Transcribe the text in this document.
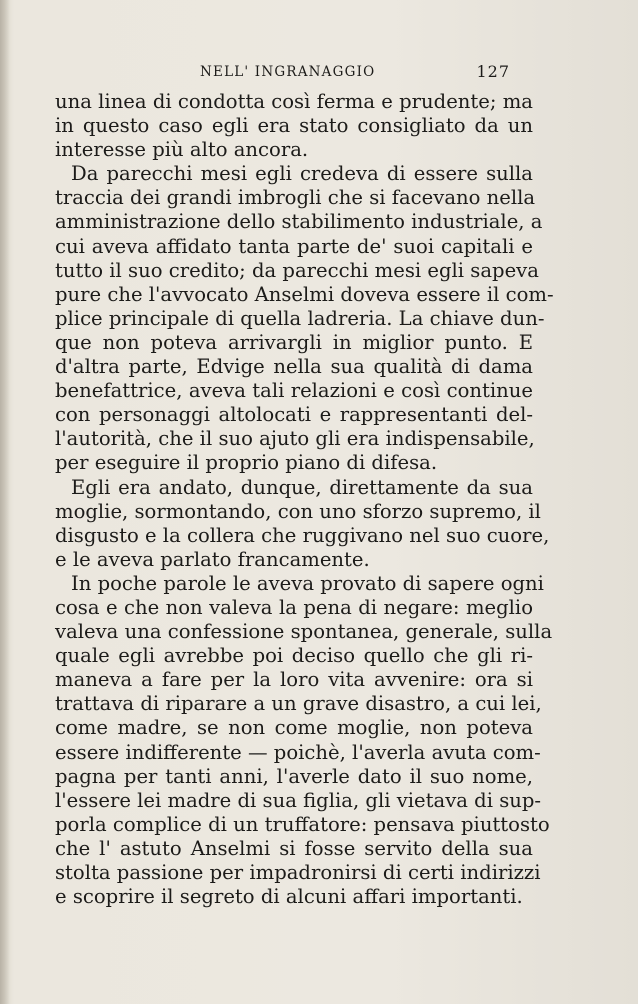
NELL' INGRANAGGIO	127

una linea di condotta così ferma e prudente; ma
in questo caso egli era stato consigliato da un
interesse più alto ancora.

Da parecchi mesi egli credeva di essere sulla
traccia dei grandi imbrogli che si facevano nella
amministrazione dello stabilimento industriale, a
cui aveva affidato tanta parte de' suoi capitali e
tutto il suo credito; da parecchi mesi egli sapeva
pure che l'avvocato Anselmi doveva essere il com-
plice principale di quella ladreria. La chiave dun-
que non poteva arrivargli in miglior punto. E
d'altra parte, Edvige nella sua qualità di dama
benefattrice, aveva tali relazioni e così continue
con personaggi altolocati e rappresentanti del-
l'autorità, che il suo ajuto gli era indispensabile,
per eseguire il proprio piano di difesa.

Egli era andato, dunque, direttamente da sua
moglie, sormontando, con uno sforzo supremo, il
disgusto e la collera che ruggivano nel suo cuore,
e le aveva parlato francamente.

In poche parole le aveva provato di sapere ogni
cosa e che non valeva la pena di negare: meglio
valeva una confessione spontanea, generale, sulla
quale egli avrebbe poi deciso quello che gli ri-
maneva a fare per la loro vita avvenire: ora si
trattava di riparare a un grave disastro, a cui lei,
come madre, se non come moglie, non poteva
essere indifferente — poichè, l'averla avuta com-
pagna per tanti anni, l'averle dato il suo nome,
l'essere lei madre di sua figlia, gli vietava di sup-
porla complice di un truffatore: pensava piuttosto
che l' astuto Anselmi si fosse servito della sua
stolta passione per impadronirsi di certi indirizzi
e scoprire il segreto di alcuni affari importanti.
